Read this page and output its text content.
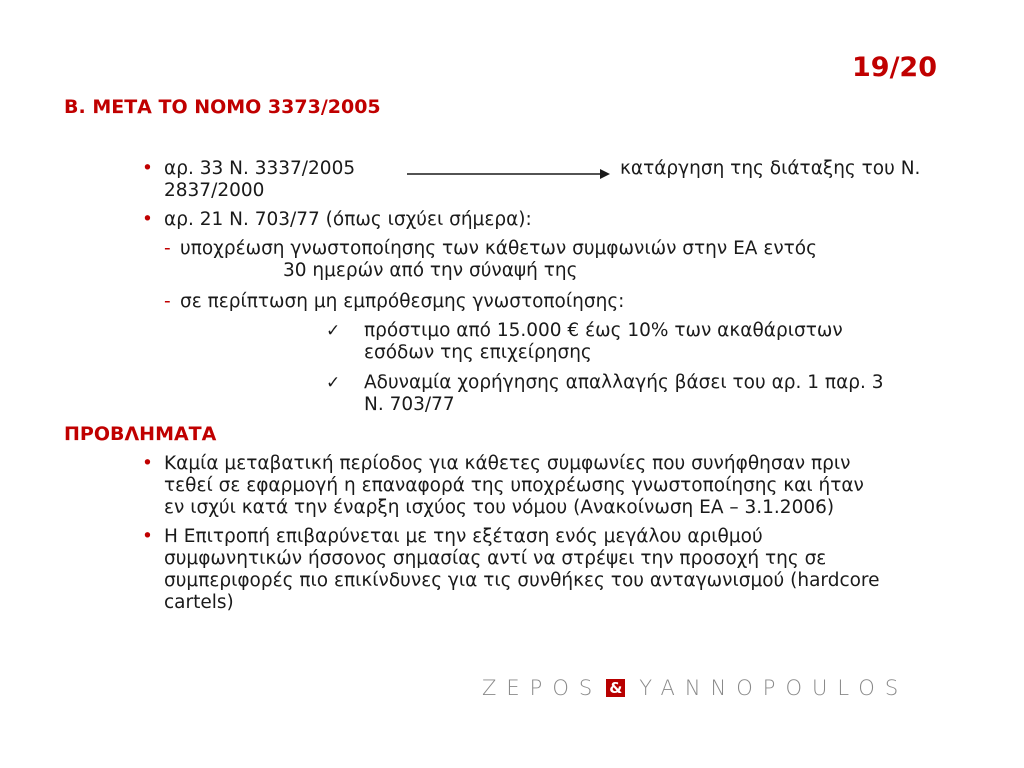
19/20
B. ΜΕΤΑ ΤΟ ΝΟΜΟ 3373/2005
• αρ. 33 Ν. 3337/2005	κατάργηση της διάταξης του Ν.
2837/2000
• αρ. 21 Ν. 703/77 (όπως ισχύει σήμερα):
- υποχρέωση γνωστοποίησης των κάθετων συμφωνιών στην ΕΑ εντός
30 ημερών από την σύναψή της
- σε περίπτωση μη εμπρόθεσμης γνωστοποίησης:
✓ πρόστιμο από 15.000 € έως 10% των ακαθάριστων
εσόδων της επιχείρησης
✓ Αδυναμία χορήγησης απαλλαγής βάσει του αρ. 1 παρ. 3
Ν. 703/77
ΠΡΟΒΛΗΜΑΤΑ
• Καμία μεταβατική περίοδος για κάθετες συμφωνίες που συνήφθησαν πριν
τεθεί σε εφαρμογή η επαναφορά της υποχρέωσης γνωστοποίησης και ήταν
εν ισχύι κατά την έναρξη ισχύος του νόμου (Ανακοίνωση ΕΑ – 3.1.2006)
• Η Επιτροπή επιβαρύνεται με την εξέταση ενός μεγάλου αριθμού
συμφωνητικών ήσσονος σημασίας αντί να στρέψει την προσοχή της σε
συμπεριφορές πιο επικίνδυνες για τις συνθήκες του ανταγωνισμού (hardcore
cartels)
ZEPOS & YANNOPOULOS
